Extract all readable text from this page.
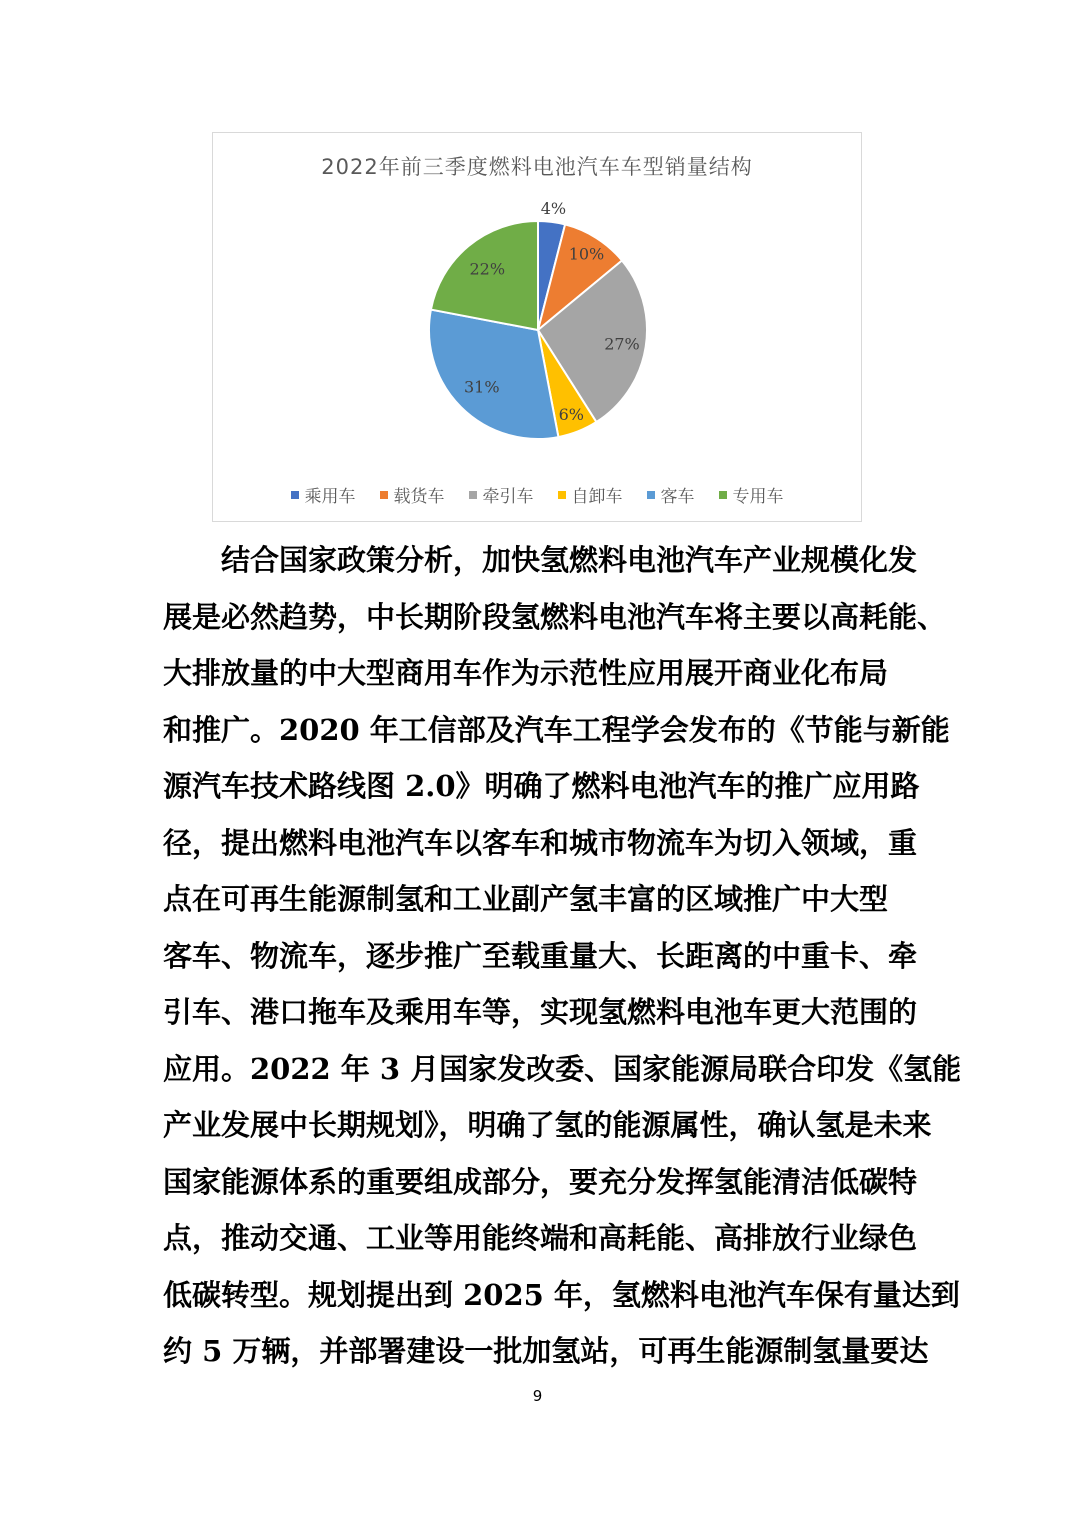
2022年前三季度燃料电池汽车车型销量结构
4%
10%
27%
6%
31%
22%
乘用车 载货车 牵引车 自卸车 客车 专用车
结合国家政策分析，加快氢燃料电池汽车产业规模化发
展是必然趋势，中长期阶段氢燃料电池汽车将主要以高耗能、
大排放量的中大型商用车作为示范性应用展开商业化布局
和推广。2020 年工信部及汽车工程学会发布的《节能与新能
源汽车技术路线图 2.0》明确了燃料电池汽车的推广应用路
径，提出燃料电池汽车以客车和城市物流车为切入领域，重
点在可再生能源制氢和工业副产氢丰富的区域推广中大型
客车、物流车，逐步推广至载重量大、长距离的中重卡、牵
引车、港口拖车及乘用车等，实现氢燃料电池车更大范围的
应用。2022 年 3 月国家发改委、国家能源局联合印发《氢能
产业发展中长期规划》，明确了氢的能源属性，确认氢是未来
国家能源体系的重要组成部分，要充分发挥氢能清洁低碳特
点，推动交通、工业等用能终端和高耗能、高排放行业绿色
低碳转型。规划提出到 2025 年，氢燃料电池汽车保有量达到
约 5 万辆，并部署建设一批加氢站，可再生能源制氢量要达
9
